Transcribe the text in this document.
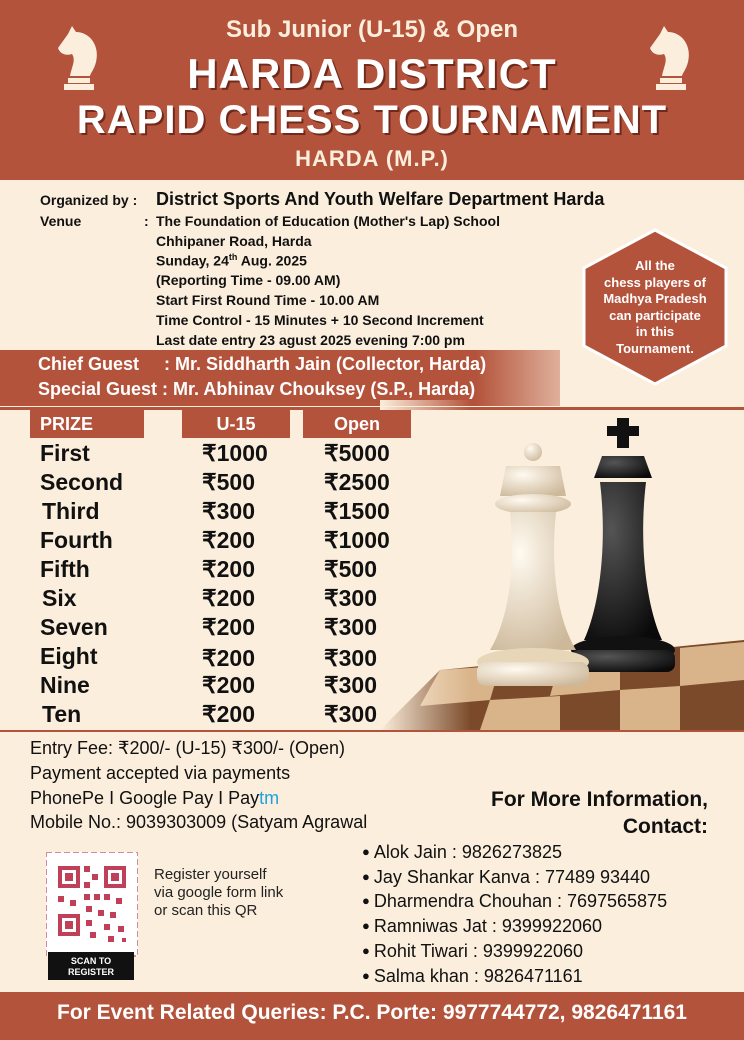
Sub Junior (U-15) & Open
HARDA DISTRICT
RAPID CHESS TOURNAMENT
HARDA (M.P.)
Organized by : District Sports And Youth Welfare Department Harda
Venue	: The Foundation of Education (Mother's Lap) School
Chhipaner Road, Harda
Sunday, 24th Aug. 2025
(Reporting Time - 09.00 AM)
Start First Round Time - 10.00 AM
Time Control - 15 Minutes + 10 Second Increment
Last date entry 23 agust 2025 evening 7:00 pm
All the
chess players of
Madhya Pradesh
can participate
in this
Tournament.
Chief Guest     : Mr. Siddharth Jain (Collector, Harda)
Special Guest : Mr. Abhinav Chouksey (S.P., Harda)
PRIZE	U-15	Open
First	₹1000 ₹5000
Second	₹500	₹2500
Third	₹300	₹1500
Fourth	₹200	₹1000
Fifth	₹200	₹500
Six	₹200	₹300
Seven	₹200	₹300
Eight	₹200	₹300
Nine	₹200	₹300
Ten	₹200	₹300
Entry Fee: ₹200/- (U-15) ₹300/- (Open)
Payment accepted via payments
PhonePe I Google Pay I Paytm
Mobile No.: 9039303009 (Satyam Agrawal
For More Information,
Contact:
SCAN TO
REGISTER
Register yourself
via google form link
or scan this QR
● Alok Jain : 9826273825
● Jay Shankar Kanva : 77489 93440
● Dharmendra Chouhan : 7697565875
● Ramniwas Jat : 9399922060
● Rohit Tiwari : 9399922060
● Salma khan : 9826471161
For Event Related Queries: P.C. Porte: 9977744772, 9826471161
